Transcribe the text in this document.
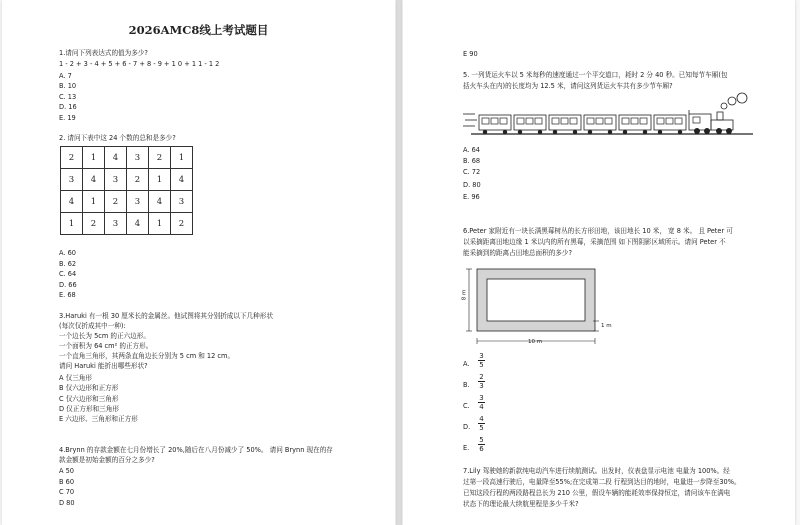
2026AMC8线上考试题目
1.请问下列表达式的值为多少?
1 - 2 + 3 - 4 + 5 + 6 - 7 + 8 - 9 + 1 0 + 1 1 - 1 2
A. 7
B. 10
C. 13
D. 16
E. 19
2. 请问下表中这 24 个数的总和是多少?
2	1	4	3	2	1
3	4	3	2	1	4
4	1	2	3	4	3
1	2	3	4	1	2
A. 60
B. 62
C. 64
D. 66
E. 68
3.Haruki 有一根 30 厘米长的金属丝。他试图将其分别折成以下几种形状
(每次仅折成其中一种):
一个边长为 5cm 的正六边形。
一个面积为 64 cm² 的正方形。
一个直角三角形，其两条直角边长分别为 5 cm 和 12 cm。
请问 Haruki 能折出哪些形状?
A 仅三角形
B 仅六边形和正方形
C 仅六边形和三角形
D 仅正方形和三角形
E 六边形、三角形和正方形
4.Brynn 的存款金额在七月份增长了 20%,随后在八月份减少了 50%。 请问 Brynn 现在的存
款金额是初始金额的百分之多少?
A 50
B 60
C 70
D 80
E 90
5. 一列货运火车以 5 米每秒的速度通过一个平交道口，耗时 2 分 40 秒。已知每节车厢(包
括火车头在内)的长度均为 12.5 米，请问这列货运火车共有多少节车厢?
A. 64
B. 68
C. 72
D. 80
E. 96
6.Peter 家附近有一块长满黑莓树丛的长方形田地，该田地长 10 米， 宽 8 米。 且 Peter 可
以采摘距离田地边缘 1 米以内的所有黑莓，采摘范围 如下图阴影区域所示。请问 Peter 不
能采摘到的距离占田地总面积的多少?
8 m
10 m
1 m
A.
3
5
B.
2
3
C.
3
4
D.
4
5
E.
5
6
7.Lily 驾驶她的新款纯电动汽车进行续航测试。出发时，仪表盘显示电池 电量为 100%。经
过第一段高速行驶后，电量降至55%;在完成第二段 行程到达目的地时，电量进一步降至30%。
已知这段行程的两段路程总长为 210 公里，假设车辆的能耗效率保持恒定，请问该车在满电
状态下的理论最大续航里程是多少千米?
